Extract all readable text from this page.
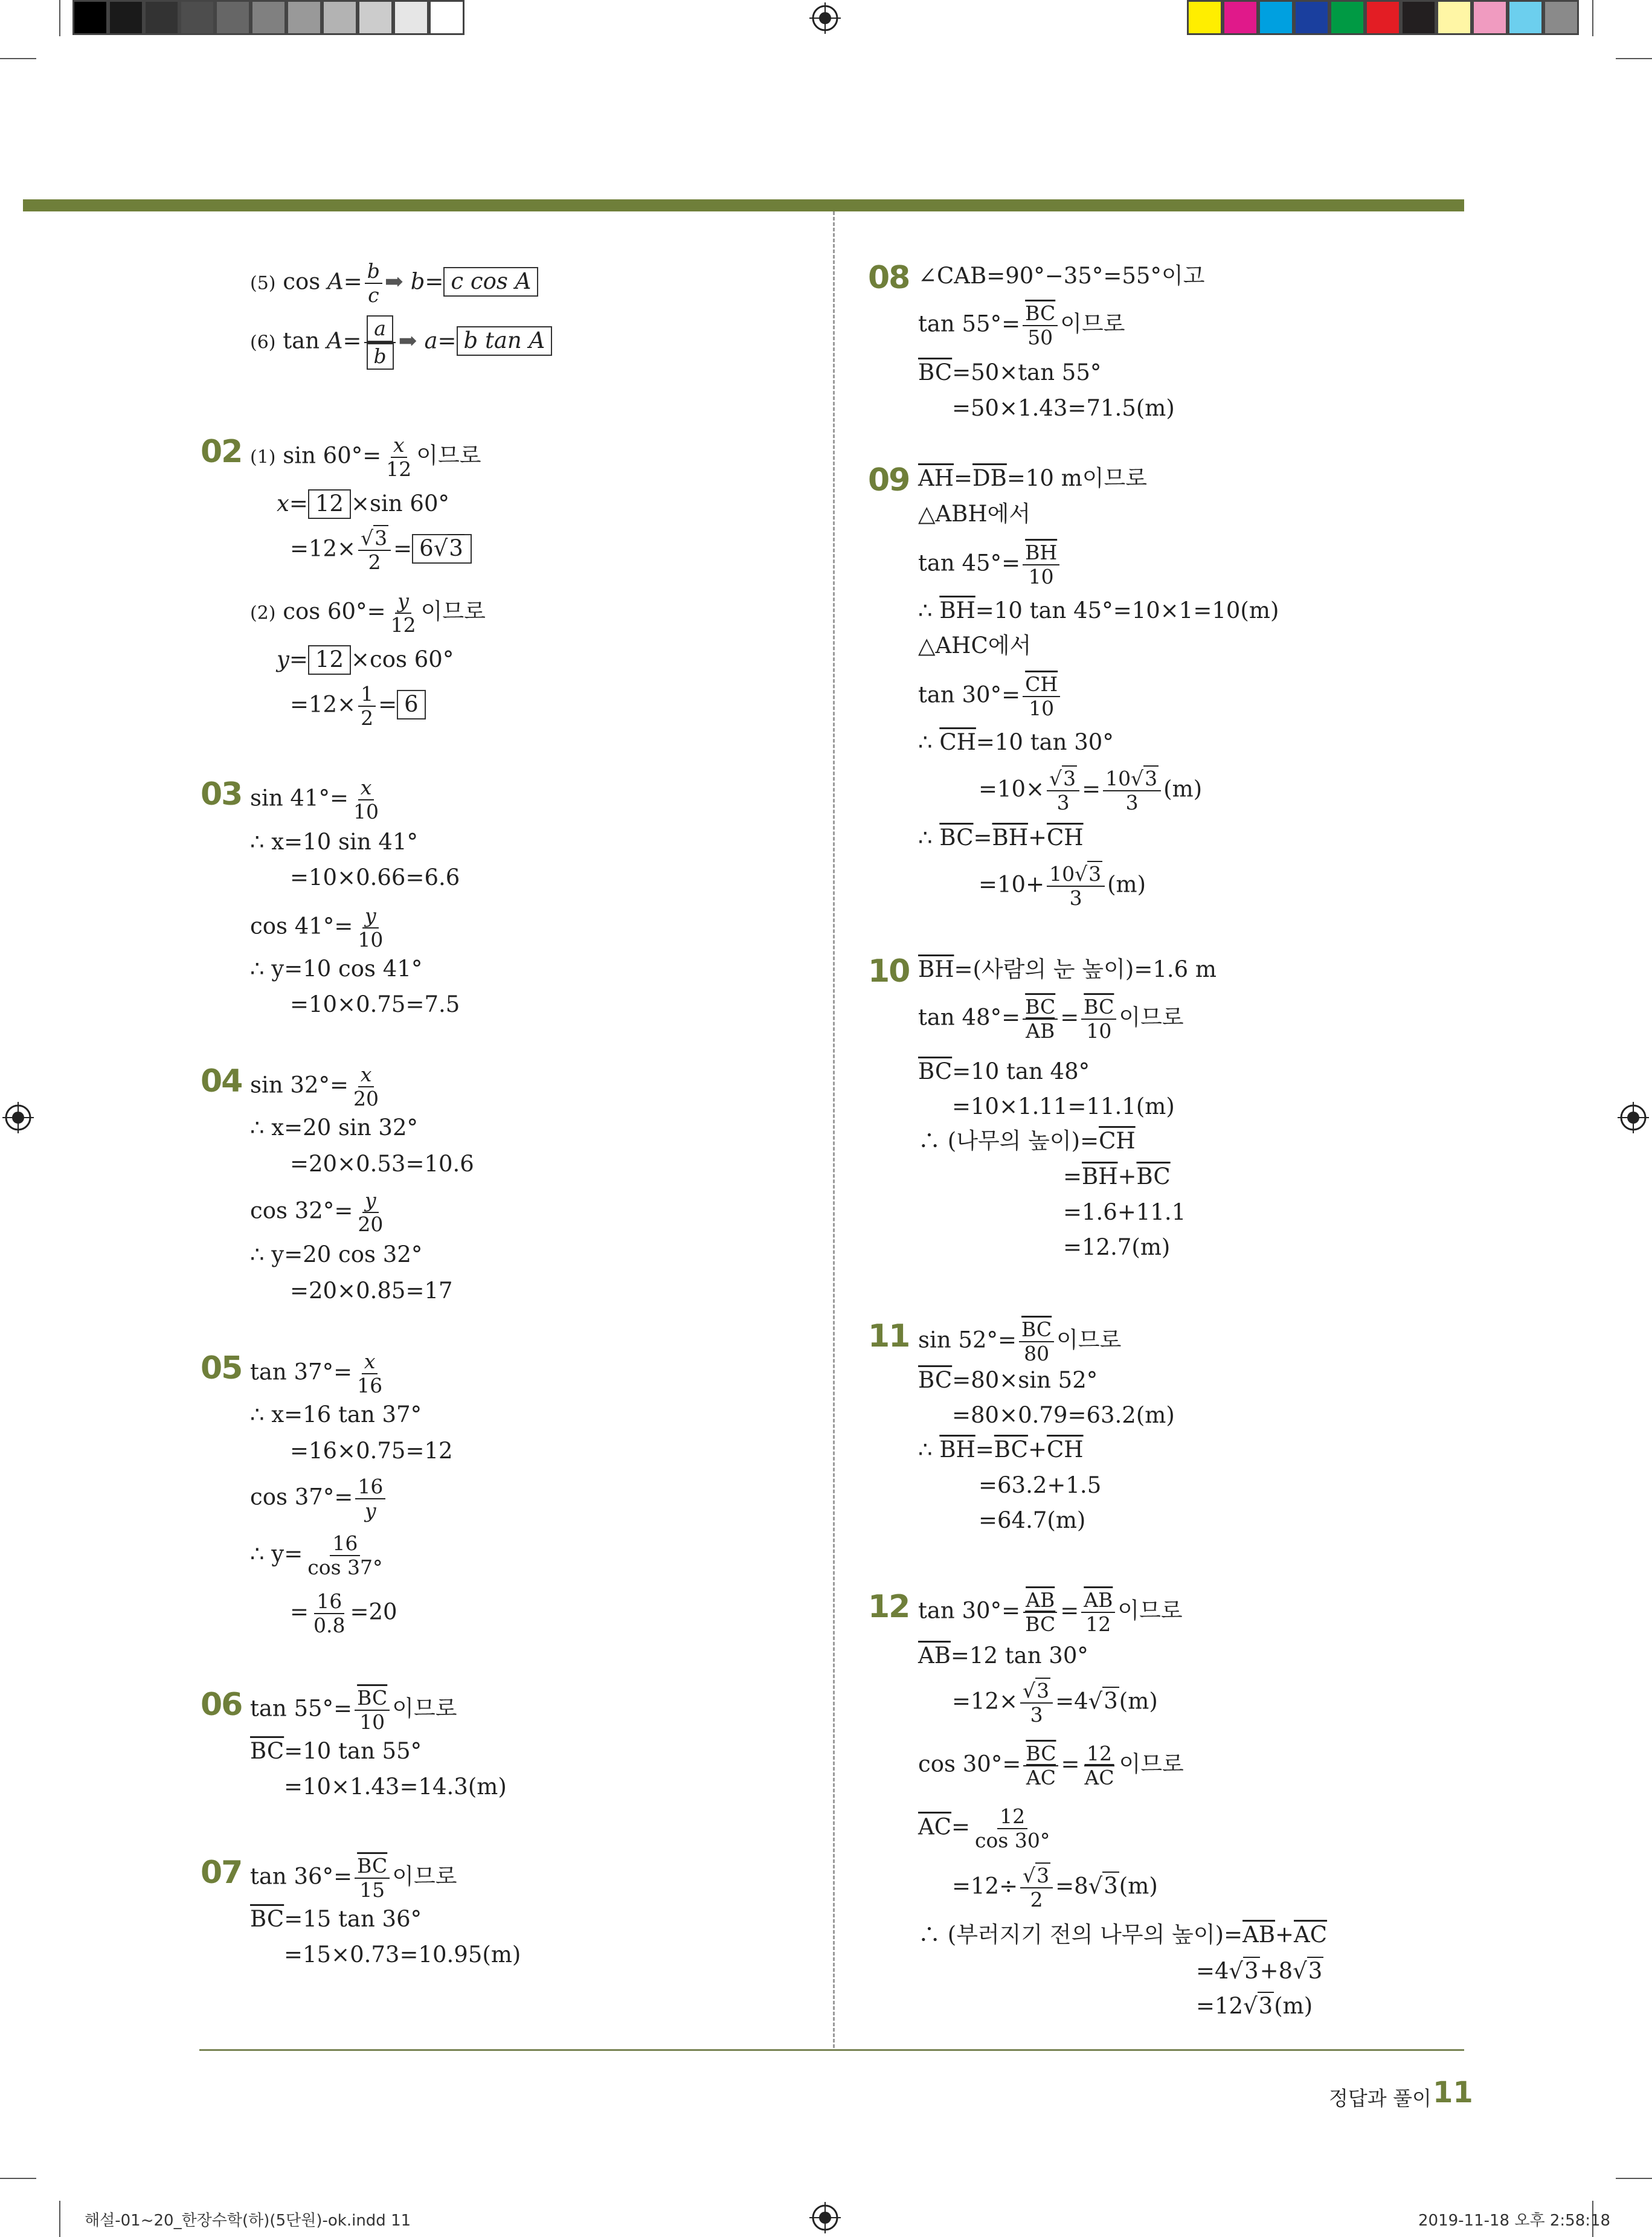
(5) $\cos A= \frac{b}{c}$ ➡ b= c cos A
(6) $\tan A= \frac{a}{b}$ ➡ a= b tan A
02 (1) $\sin 60^\circ= \frac{x}{12}$ 이므로
x= 12 ×sin 60°
$=12\times \frac{√3}{2} = 6√3$
(2) $\cos 60^\circ= \frac{y}{12}$ 이므로
y= 12 ×cos 60°
$=12\times \frac{1}{2} = 6$
03 $\sin 41^\circ= \frac{x}{10}$
∴ x=10 sin 41°
=10×0.66=6.6
$\cos 41^\circ= \frac{y}{10}$
∴ y=10 cos 41°
=10×0.75=7.5
04 $\sin 32^\circ= \frac{x}{20}$
∴ x=20 sin 32°
=20×0.53=10.6
$\cos 32^\circ= \frac{y}{20}$
∴ y=20 cos 32°
=20×0.85=17
05 $\tan 37^\circ= \frac{x}{16}$
∴ x=16 tan 37°
=16×0.75=12
$\cos 37^\circ= \frac{16}{y}$
∴ $y= \frac{16}{\cos 37^\circ}$
= $\frac{16}{0.8} =20$
06 $\tan 55^\circ= \frac{\overline{BC}}{10}$ 이므로
$\overline{BC}=10$ tan 55°
=10×1.43=14.3(m)
07 $\tan 36^\circ= \frac{\overline{BC}}{15}$ 이므로
$\overline{BC}=15$ tan 36°
=15×0.73=10.95(m)
08 ∠CAB=90°−35°=55°이고
$\tan 55^\circ= \frac{\overline{BC}}{50}$ 이므로
$\overline{BC}=50\times\tan$ 55°
=50×1.43=71.5(m)
09 $\overline{AH}=\overline{DB}=10$ m이므로
△ABH에서
$\tan 45^\circ= \frac{\overline{BH}}{10}$
∴ $\overline{BH}=10$ tan 45°=10×1=10(m)
△AHC에서
$\tan 30^\circ= \frac{\overline{CH}}{10}$
∴ $\overline{CH}=10$ tan 30°
$=10\times \frac{√3}{3} = \frac{10√3}{3} (m)$
∴ $\overline{BC}=\overline{BH}+\overline{CH}$
$=10+ \frac{10√3}{3} (m)$
10 $\overline{BH}=$(사람의 눈 높이)=1.6 m
$\tan 48^\circ= \frac{\overline{BC}}{AB} = \frac{\overline{BC}}{10}$ 이므로
$\overline{BC}=10$ tan 48°
=10×1.11=11.1(m)
∴ (나무의 높이)$=\overline{CH}$
$=\overline{BH}+\overline{BC}$
=1.6+11.1
=12.7(m)
11 $\sin 52^\circ= \frac{\overline{BC}}{80}$ 이므로
$\overline{BC}=80\times\sin$ 52°
=80×0.79=63.2(m)
∴ $\overline{BH}=\overline{BC}+\overline{CH}$
=63.2+1.5
=64.7(m)
12 $\tan 30^\circ= \frac{\overline{AB}}{BC} = \frac{\overline{AB}}{12}$ 이므로
$\overline{AB}=12$ tan 30°
$=12\times \frac{√3}{3} =4√3(m)$
$\cos 30^\circ= \frac{\overline{BC}}{AC} = \frac{12}{AC}$ 이므로
$\overline{AC}= \frac{12}{\cos 30^\circ}$
$=12\div \frac{√3}{2} =8√3(m)$
∴ (부러지기 전의 나무의 높이)$=\overline{AB}+\overline{AC}$
=4√3+8√3
=12√3(m)
정답과 풀이 11
해설-01~20_한장수학(하)(5단원)-ok.indd 11	2019-11-18 오후 2:58:18
